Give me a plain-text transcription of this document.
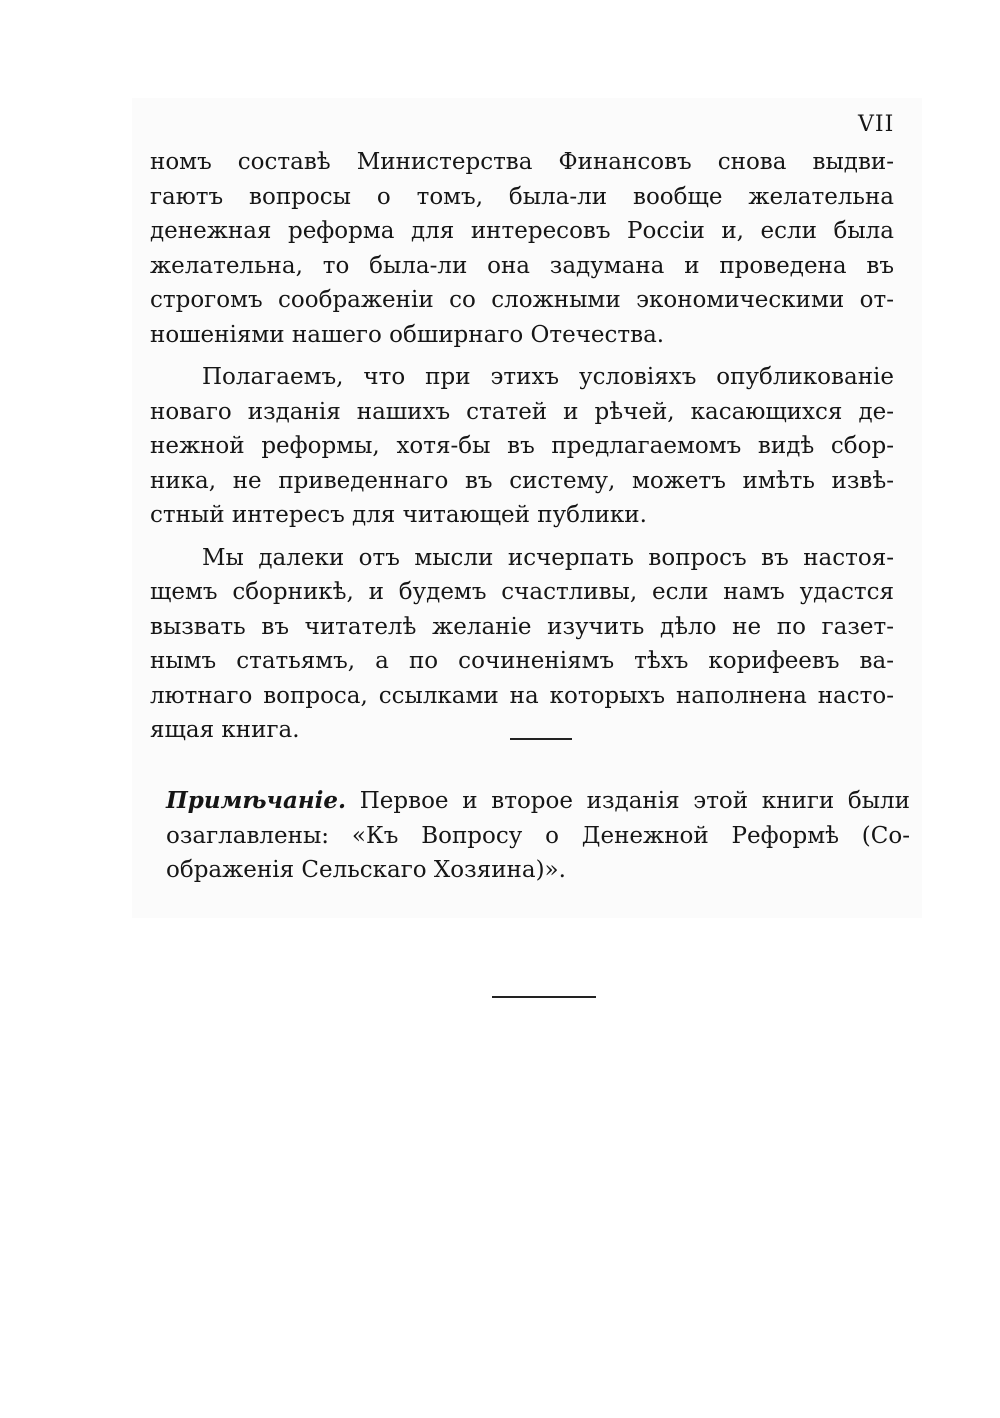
VII

номъ составѣ Министерства Финансовъ снова выдви-
гаютъ вопросы о томъ, была-ли вообще желательна
денежная реформа для интересовъ Россіи и, если была
желательна, то была-ли она задумана и проведена въ
строгомъ соображеніи со сложными экономическими от-
ношеніями нашего обширнаго Отечества.

Полагаемъ, что при этихъ условіяхъ опубликованіе
новаго изданія нашихъ статей и рѣчей, касающихся де-
нежной реформы, хотя-бы въ предлагаемомъ видѣ сбор-
ника, не приведеннаго въ систему, можетъ имѣть извѣ-
стный интересъ для читающей публики.

Мы далеки отъ мысли исчерпать вопросъ въ настоя-
щемъ сборникѣ, и будемъ счастливы, если намъ удастся
вызвать въ читателѣ желаніе изучить дѣло не по газет-
нымъ статьямъ, а по сочиненіямъ тѣхъ корифеевъ ва-
лютнаго вопроса, ссылками на которыхъ наполнена насто-
ящая книга.

Примѣчаніе. Первое и второе изданія этой книги были
озаглавлены: «Къ Вопросу о Денежной Реформѣ (Со-
ображенія Сельскаго Хозяина)».
